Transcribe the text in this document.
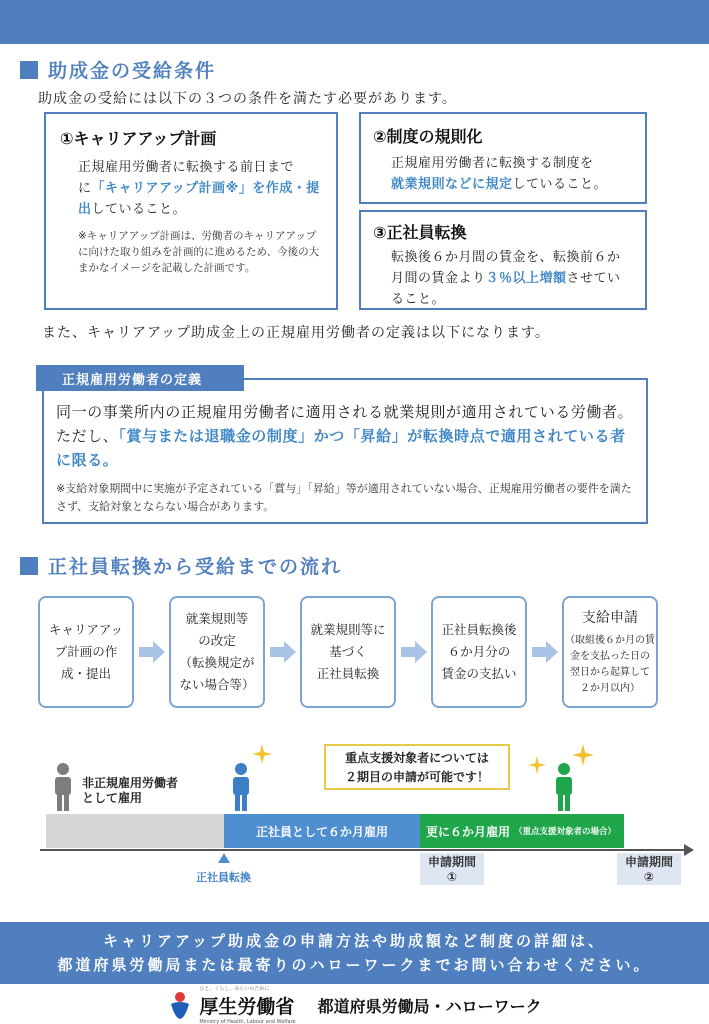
助成金の受給条件
助成金の受給には以下の３つの条件を満たす必要があります。
①キャリアアップ計画
正規雇用労働者に転換する前日まで
に「キャリアアップ計画※」を作成・提出していること。
※キャリアアップ計画は、労働者のキャリアアップに向けた取り組みを計画的に進めるため、今後の大まかなイメージを記載した計画です。
②制度の規則化
正規雇用労働者に転換する制度を
就業規則などに規定していること。
③正社員転換
転換後６か月間の賃金を、転換前６か月間の賃金より３％以上増額させていること。
また、キャリアアップ助成金上の正規雇用労働者の定義は以下になります。
同一の事業所内の正規雇用労働者に適用される就業規則が適用されている労働者。ただし、「賞与または退職金の制度」かつ「昇給」が転換時点で適用されている者に限る。
※支給対象期間中に実施が予定されている「賞与」「昇給」等が適用されていない場合、正規雇用労働者の要件を満たさず、支給対象とならない場合があります。
正規雇用労働者の定義
正社員転換から受給までの流れ
キャリアアッ
プ計画の作
成・提出
就業規則等
の改定
（転換規定が
ない場合等）
就業規則等に
基づく
正社員転換
正社員転換後
６か月分の
賃金の支払い
支給申請
（取組後６か月の賃
金を支払った日の
翌日から起算して
２か月以内）
非正規雇用労働者
として雇用
重点支援対象者については
２期目の申請が可能です！
正社員として６か月雇用	更に６か月雇用 （重点支援対象者の場合）
正社員転換
申請期間
①
申請期間
②
キャリアアップ助成金の申請方法や助成額など制度の詳細は、
都道府県労働局または最寄りのハローワークまでお問い合わせください。
ひと、くらし、みらいのために
厚生労働省
Ministry of Health, Labour and Welfare
都道府県労働局・ハローワーク
